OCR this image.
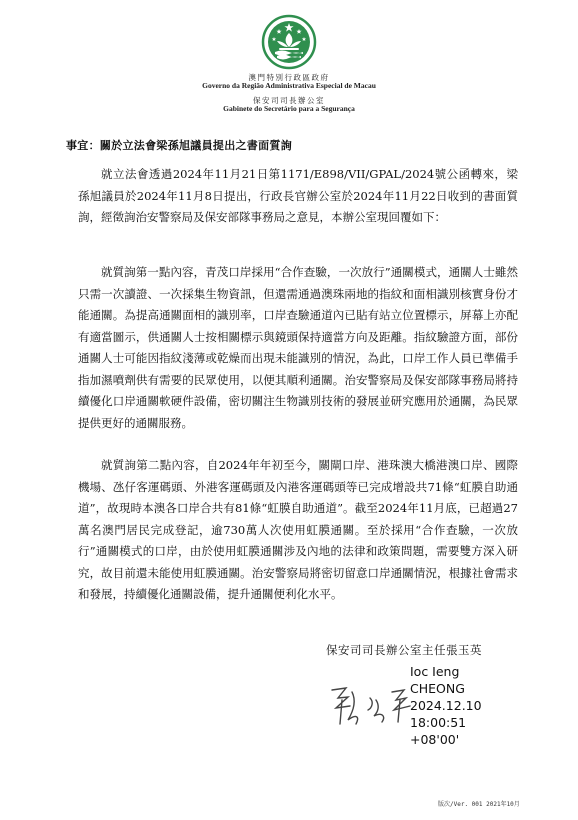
澳門特別行政區政府
Governo da Região Administrativa Especial de Macau
保安司司長辦公室
Gabinete do Secretário para a Segurança
事宜：關於立法會梁孫旭議員提出之書面質詢

就立法會透過2024年11月21日第1171/E898/VII/GPAL/2024號公函轉來，梁孫旭議員於2024年11月8日提出，行政長官辦公室於2024年11月22日收到的書面質詢，經徵詢治安警察局及保安部隊事務局之意見，本辦公室現回覆如下：

就質詢第一點內容，青茂口岸採用“合作查驗，一次放行”通關模式，通關人士雖然只需一次讀證、一次採集生物資訊，但還需通過澳珠兩地的指紋和面相識別核實身份才能通關。為提高通關面相的識別率，口岸查驗通道內已貼有站立位置標示，屏幕上亦配有適當圖示，供通關人士按相關標示與鏡頭保持適當方向及距離。指紋驗證方面，部份通關人士可能因指紋淺薄或乾燥而出現未能識別的情況，為此，口岸工作人員已準備手指加濕噴劑供有需要的民眾使用，以便其順利通關。治安警察局及保安部隊事務局將持續優化口岸通關軟硬件設備，密切關注生物識別技術的發展並研究應用於通關，為民眾提供更好的通關服務。

就質詢第二點內容，自2024年年初至今，關閘口岸、港珠澳大橋港澳口岸、國際機場、氹仔客運碼頭、外港客運碼頭及內港客運碼頭等已完成增設共71條“虹膜自助通道”，故現時本澳各口岸合共有81條“虹膜自助通道”。截至2024年11月底，已超過27萬名澳門居民完成登記，逾730萬人次使用虹膜通關。至於採用“合作查驗，一次放行”通關模式的口岸，由於使用虹膜通關涉及內地的法律和政策問題，需要雙方深入研究，故目前還未能使用虹膜通關。治安警察局將密切留意口岸通關情況，根據社會需求和發展，持續優化通關設備，提升通關便利化水平。

保安司司長辦公室主任張玉英
Ioc Ieng
CHEONG
2024.12.10
18:00:51
+08'00'
版次/Ver. 001 2021年10月
